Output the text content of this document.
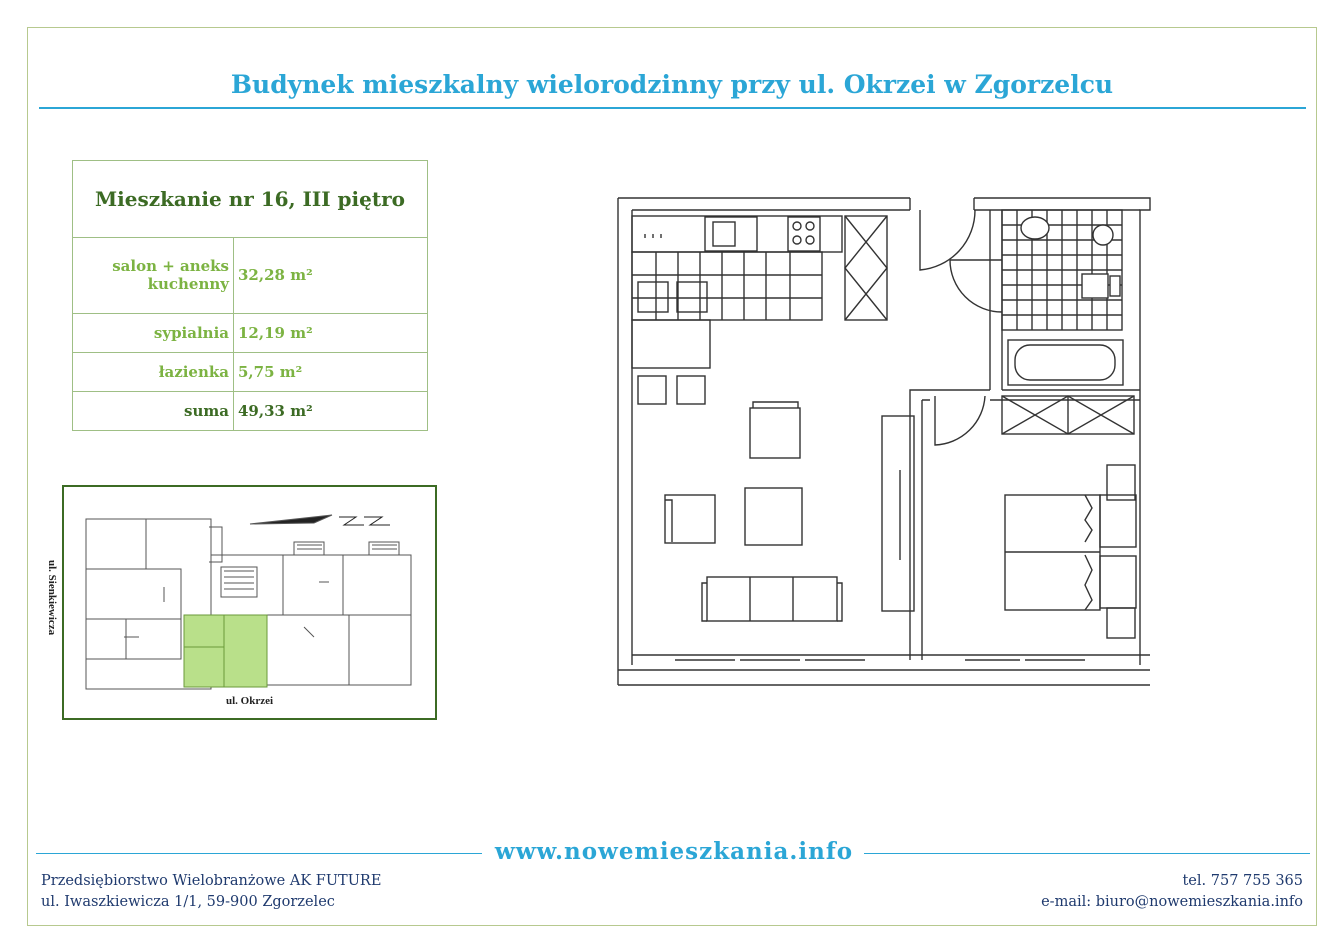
Budynek mieszkalny wielorodzinny przy ul. Okrzei w Zgorzelcu
Mieszkanie nr 16, III piętro	
salon + aneks kuchenny	32,28 m²
sypialnia	12,19 m²
łazienka	5,75 m²
suma	49,33 m²
ul. Sienkiewicza
ul. Okrzei
www.nowemieszkania.info
Przedsiębiorstwo Wielobranżowe AK FUTURE
ul. Iwaszkiewicza 1/1, 59-900 Zgorzelec
tel. 757 755 365
e-mail: biuro@nowemieszkania.info
